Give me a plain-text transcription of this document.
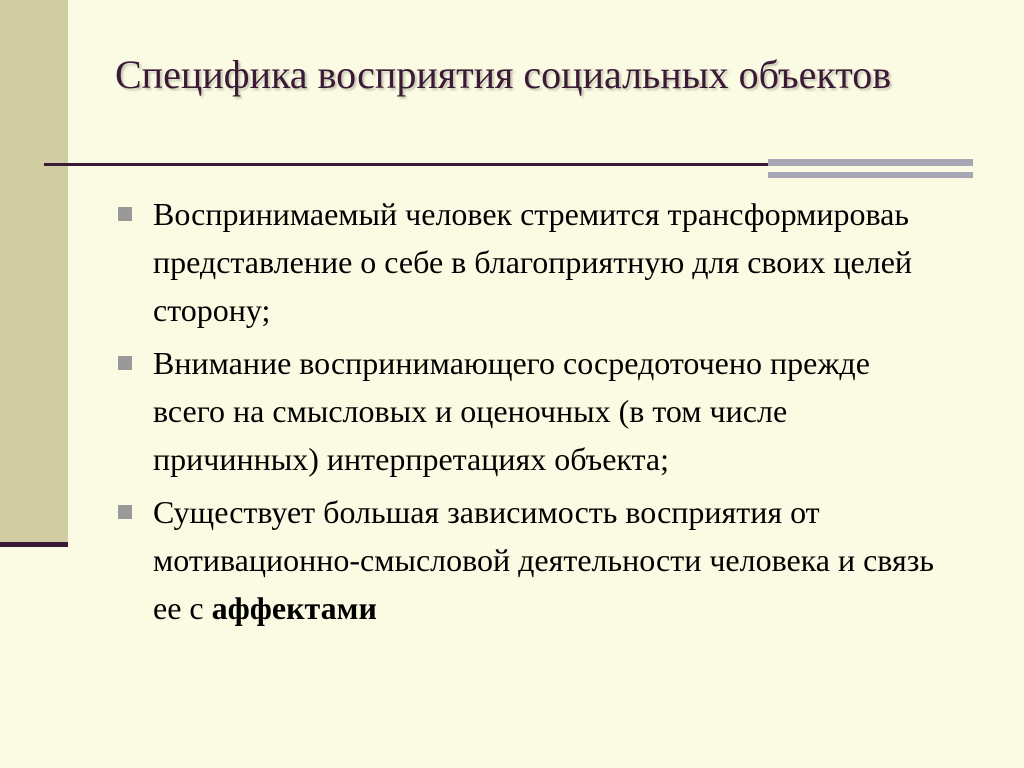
Специфика восприятия социальных объектов
Воспринимаемый человек стремится трансформироваь представление о себе в благоприятную для своих целей сторону;
Внимание воспринимающего сосредоточено прежде всего на смысловых и оценочных (в том числе причинных) интерпретациях объекта;
Существует большая зависимость восприятия от мотивационно-смысловой деятельности человека и связь ее с аффектами
